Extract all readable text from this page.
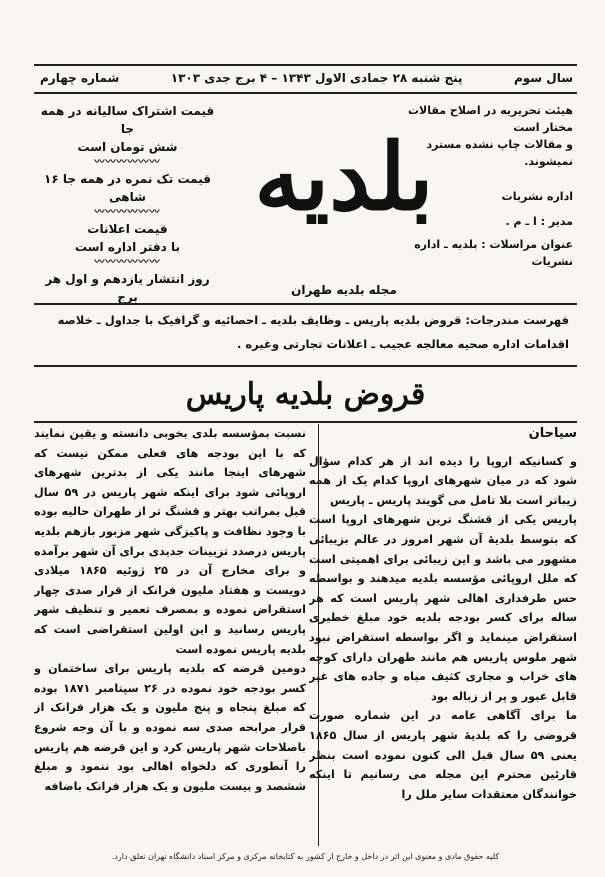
سال سوم
پنج شنبه ۲۸ جمادی الاول ۱۳۴۳ – ۴ برج جدی ۱۳۰۳
شماره چهارم
هیئت تحریریه در اصلاح مقالات مختار است
و مقالات چاپ نشده مسترد نمیشوند.
اداره نشریات
مدیر : ا ـ م .
عنوان مراسلات : بلدیه ـ اداره نشریات
بلدیه
مجله بلدیه طهران
قیمت اشتراک سالیانه در همه جا
شش تومان است
〰〰〰〰〰〰
قیمت تک نمره در همه جا ۱۶ شاهی
〰〰〰〰〰〰
قیمت اعلانات
با دفتر اداره است
〰〰〰〰〰〰
روز انتشار یازدهم و اول هر برج
فهرست مندرجات: قروض بلدیه پاریس ـ وظایف بلدیه ـ احصائیه و گرافیک با جداول ـ خلاصه اقدامات اداره صحیه معالجه عجیب ـ اعلانات تجارتی وغیره .
قروض بلدیه پاریس

سیاحان

و کسانیکه اروپا را دیده اند از هر کدام سؤال شود که در میان شهرهای اروپا کدام یک از همه زیباتر است بلا تامل می گویند پاریس ـ پاریس

پاریس یکی از قشنگ ترین شهرهای اروپا است که بتوسط بلدیهٔ آن شهر امروز در عالم بزیبائی مشهور می باشد و این زیبائی برای اهمیتی است که ملل اروپائی مؤسسه بلدیه میدهند و بواسطه حس طرفداری اهالی شهر پاریس است که هر ساله برای کسر بودجه بلدیه خود مبلغ خطیری استقراض مینماید و اگر بواسطه استقراض نبود شهر ملوس پاریس هم مانند طهران دارای کوچه های خراب و مجاری کثیف میاه و جاده های غیر قابل عبور و پر از زباله بود

ما برای آگاهی عامه در این شماره صورت قروضی را که بلدیهٔ شهر پاریس از سال ۱۸۶۵ یعنی ۵۹ سال قبل الی کنون نموده است بنظر قارئین محترم این مجله می رسانیم تا اینکه خوانندگان معتقدات سایر ملل را

نسبت بمؤسسه بلدی بخوبی دانسته و یقین نمایند که با این بودجه های فعلی ممکن نیست که شهرهای اینجا مانند یکی از بدترین شهرهای اروپائی شود برای اینکه شهر پاریس در ۵۹ سال قبل بمراتب بهتر و قشنگ تر از طهران حالیه بوده با وجود نظافت و پاکیزگی شهر مزبور بازهم بلدیه پاریس درصدد تزیینات جدیدی برای آن شهر برآمده و برای مخارج آن در ۲۵ ژوئیه ۱۸۶۵ میلادی دویست و هفتاد ملیون فرانک از قرار صدی چهار استقراض نموده و بمصرف تعمیر و تنظیف شهر پاریس رسانید و این اولین استقراضی است که بلدیه پاریس نموده است

دومین قرضه که بلدیه پاریس برای ساختمان و کسر بودجه خود نموده در ۲۶ سپتامبر ۱۸۷۱ بوده که مبلغ پنجاه و پنج ملیون و یک هزار فرانک از قرار مرابحه صدی سه نموده و با آن وجه شروع باصلاحات شهر پاریس کرد و این قرضه هم پاریس را آنطوری که دلخواه اهالی بود ننمود و مبلغ ششصد و بیست ملیون و یک هزار فرانک باضافه

کلیه حقوق مادی و معنوی این اثر در داخل و خارج از کشور به کتابخانه مرکزی و مرکز اسناد دانشگاه تهران تعلق دارد.
